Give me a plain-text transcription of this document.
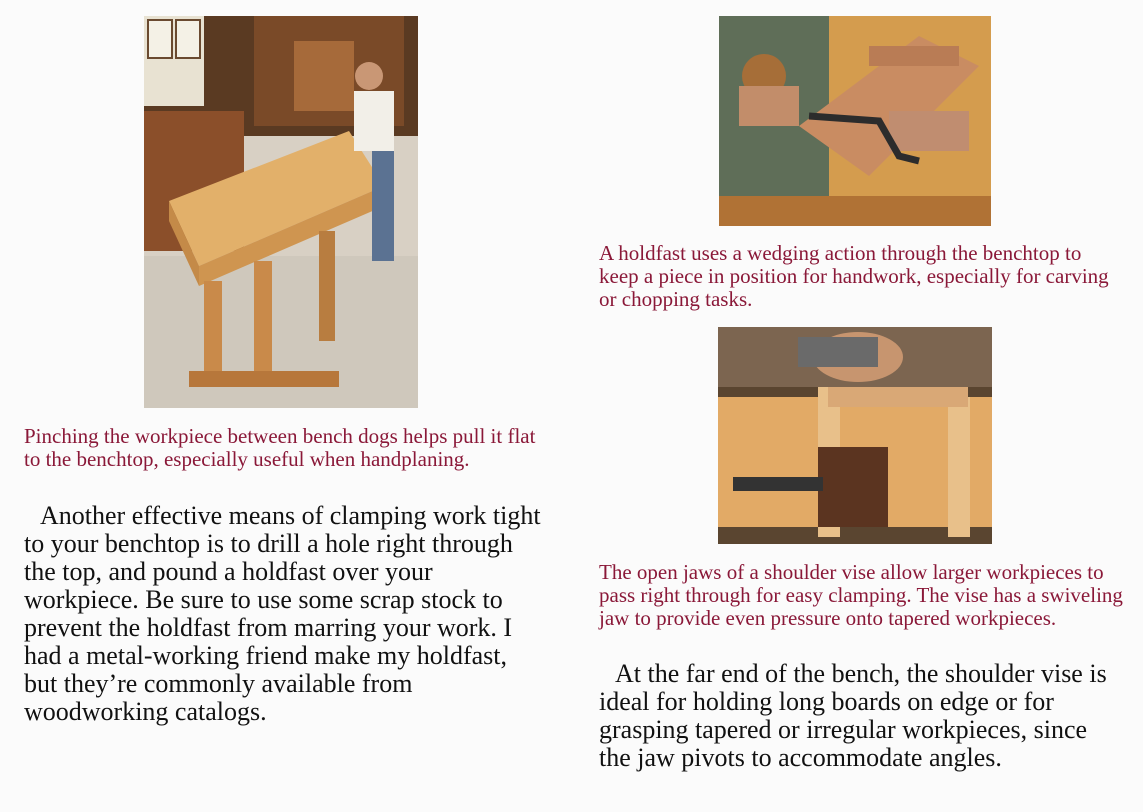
Pinching the workpiece between bench dogs helps pull it flat to the benchtop, especially useful when handplaning.

A holdfast uses a wedging action through the benchtop to keep a piece in position for handwork, especially for carving or chopping tasks.

The open jaws of a shoulder vise allow larger workpieces to pass right through for easy clamping. The vise has a swiveling jaw to provide even pressure onto tapered workpieces.

Another effective means of clamping work tight to your benchtop is to drill a hole right through the top, and pound a holdfast over your workpiece. Be sure to use some scrap stock to prevent the holdfast from marring your work. I had a metal-working friend make my holdfast, but they’re commonly available from woodworking catalogs.

At the far end of the bench, the shoulder vise is ideal for holding long boards on edge or for grasping tapered or irregular workpieces, since the jaw pivots to accommodate angles.
